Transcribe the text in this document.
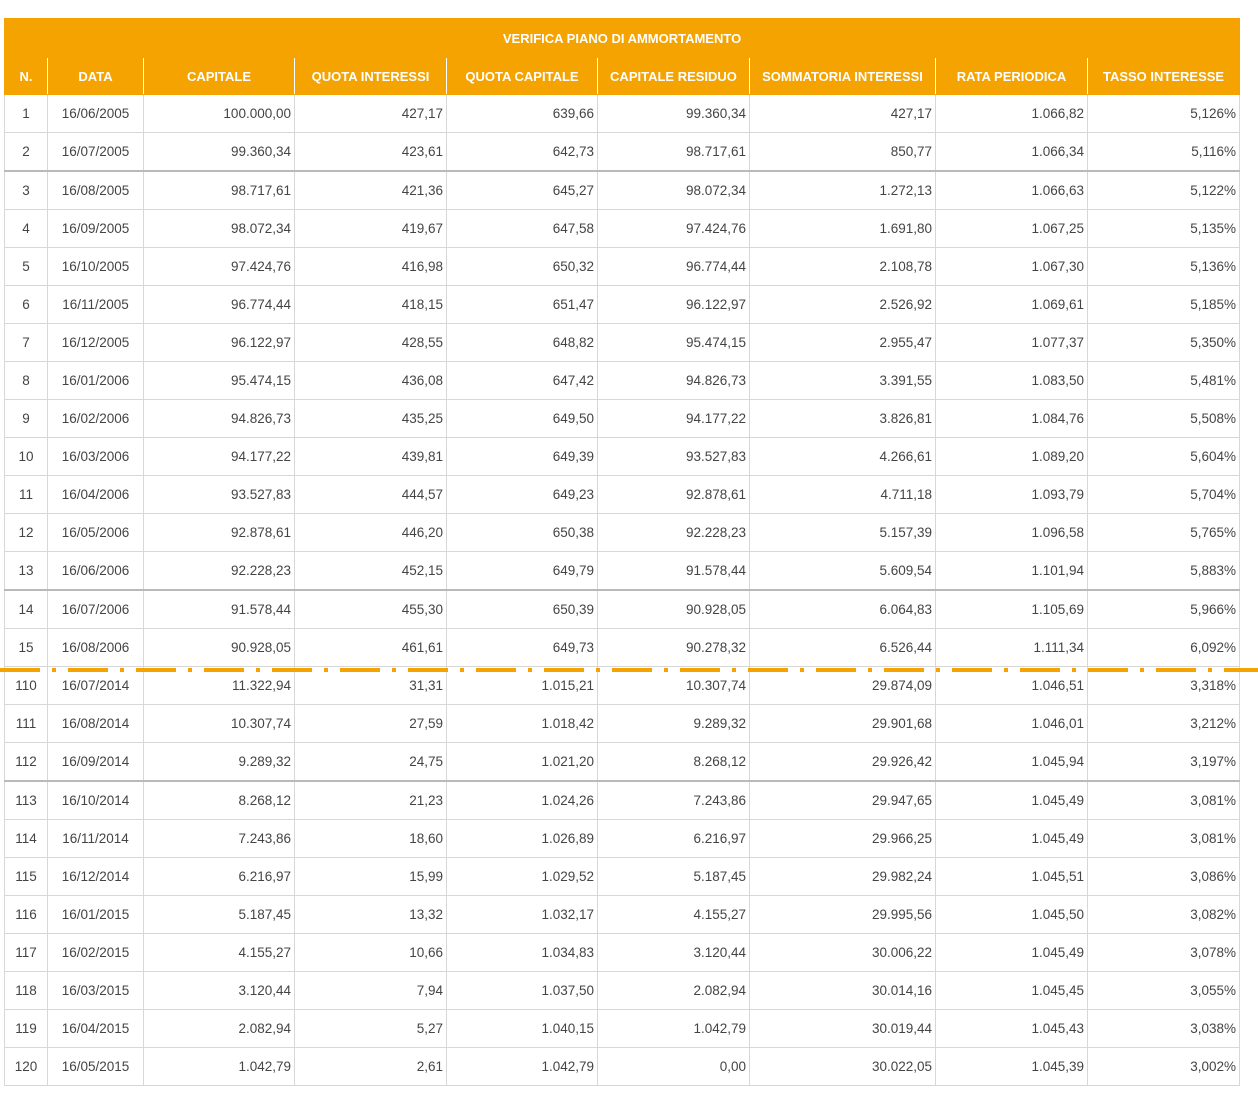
VERIFICA PIANO DI AMMORTAMENTO								
N.	DATA	CAPITALE	QUOTA INTERESSI	QUOTA CAPITALE	CAPITALE RESIDUO	SOMMATORIA INTERESSI	RATA PERIODICA	TASSO INTERESSE
1	16/06/2005	100.000,00	427,17	639,66	99.360,34	427,17	1.066,82	5,126%
2	16/07/2005	99.360,34	423,61	642,73	98.717,61	850,77	1.066,34	5,116%
3	16/08/2005	98.717,61	421,36	645,27	98.072,34	1.272,13	1.066,63	5,122%
4	16/09/2005	98.072,34	419,67	647,58	97.424,76	1.691,80	1.067,25	5,135%
5	16/10/2005	97.424,76	416,98	650,32	96.774,44	2.108,78	1.067,30	5,136%
6	16/11/2005	96.774,44	418,15	651,47	96.122,97	2.526,92	1.069,61	5,185%
7	16/12/2005	96.122,97	428,55	648,82	95.474,15	2.955,47	1.077,37	5,350%
8	16/01/2006	95.474,15	436,08	647,42	94.826,73	3.391,55	1.083,50	5,481%
9	16/02/2006	94.826,73	435,25	649,50	94.177,22	3.826,81	1.084,76	5,508%
10	16/03/2006	94.177,22	439,81	649,39	93.527,83	4.266,61	1.089,20	5,604%
11	16/04/2006	93.527,83	444,57	649,23	92.878,61	4.711,18	1.093,79	5,704%
12	16/05/2006	92.878,61	446,20	650,38	92.228,23	5.157,39	1.096,58	5,765%
13	16/06/2006	92.228,23	452,15	649,79	91.578,44	5.609,54	1.101,94	5,883%
14	16/07/2006	91.578,44	455,30	650,39	90.928,05	6.064,83	1.105,69	5,966%
15	16/08/2006	90.928,05	461,61	649,73	90.278,32	6.526,44	1.111,34	6,092%
110	16/07/2014	11.322,94	31,31	1.015,21	10.307,74	29.874,09	1.046,51	3,318%
111	16/08/2014	10.307,74	27,59	1.018,42	9.289,32	29.901,68	1.046,01	3,212%
112	16/09/2014	9.289,32	24,75	1.021,20	8.268,12	29.926,42	1.045,94	3,197%
113	16/10/2014	8.268,12	21,23	1.024,26	7.243,86	29.947,65	1.045,49	3,081%
114	16/11/2014	7.243,86	18,60	1.026,89	6.216,97	29.966,25	1.045,49	3,081%
115	16/12/2014	6.216,97	15,99	1.029,52	5.187,45	29.982,24	1.045,51	3,086%
116	16/01/2015	5.187,45	13,32	1.032,17	4.155,27	29.995,56	1.045,50	3,082%
117	16/02/2015	4.155,27	10,66	1.034,83	3.120,44	30.006,22	1.045,49	3,078%
118	16/03/2015	3.120,44	7,94	1.037,50	2.082,94	30.014,16	1.045,45	3,055%
119	16/04/2015	2.082,94	5,27	1.040,15	1.042,79	30.019,44	1.045,43	3,038%
120	16/05/2015	1.042,79	2,61	1.042,79	0,00	30.022,05	1.045,39	3,002%
